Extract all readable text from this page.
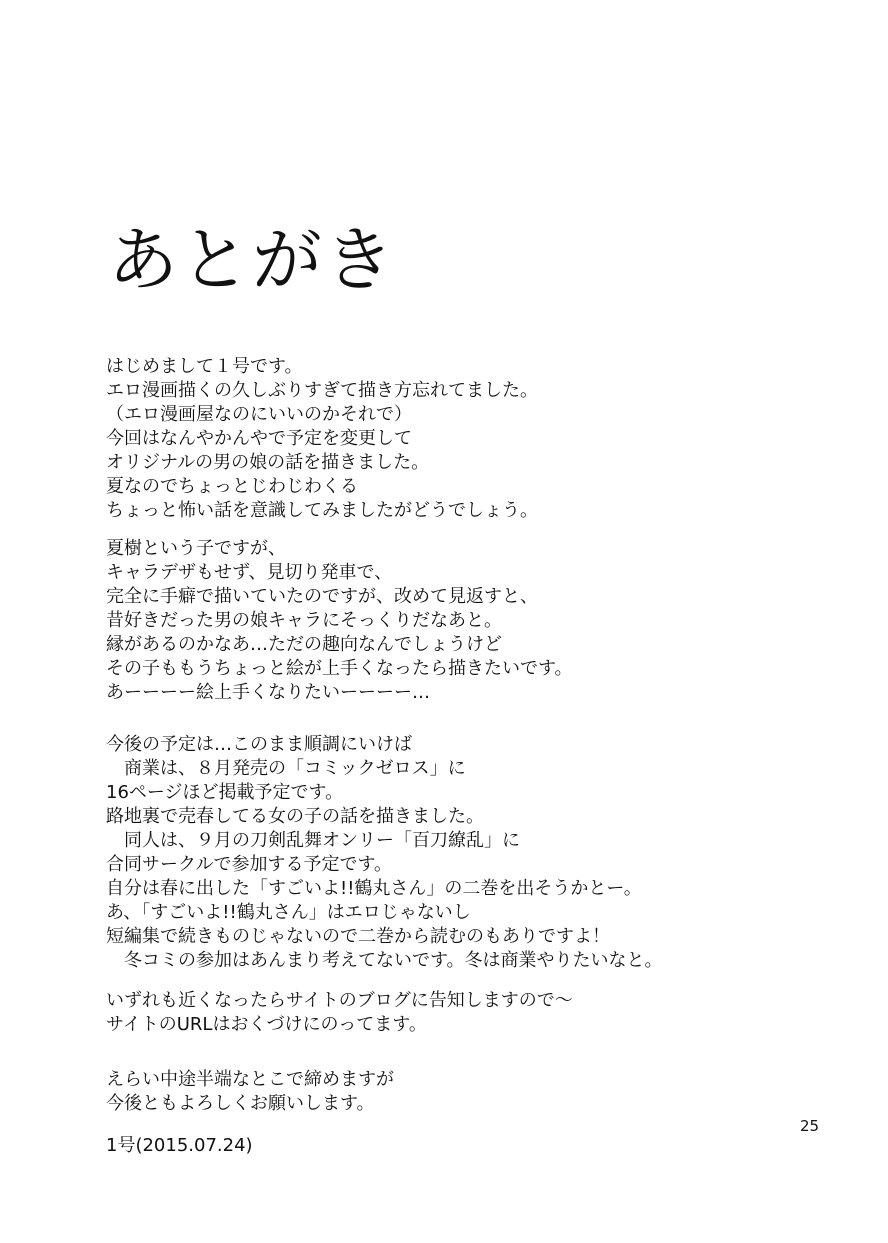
あとがき

はじめまして１号です。

エロ漫画描くの久しぶりすぎて描き方忘れてました。

（エロ漫画屋なのにいいのかそれで）

今回はなんやかんやで予定を変更して

オリジナルの男の娘の話を描きました。

夏なのでちょっとじわじわくる

ちょっと怖い話を意識してみましたがどうでしょう。

夏樹という子ですが、

キャラデザもせず、見切り発車で、

完全に手癖で描いていたのですが、改めて見返すと、

昔好きだった男の娘キャラにそっくりだなあと。

縁があるのかなあ…ただの趣向なんでしょうけど

その子ももうちょっと絵が上手くなったら描きたいです。

あーーーー絵上手くなりたいーーーー…

今後の予定は…このまま順調にいけば

　商業は、８月発売の「コミックゼロス」に

16ページほど掲載予定です。

路地裏で売春してる女の子の話を描きました。

　同人は、９月の刀剣乱舞オンリー「百刀繚乱」に

合同サークルで参加する予定です。

自分は春に出した「すごいよ!!鶴丸さん」の二巻を出そうかとー。

あ、「すごいよ!!鶴丸さん」はエロじゃないし

短編集で続きものじゃないので二巻から読むのもありですよ！

　冬コミの参加はあんまり考えてないです。冬は商業やりたいなと。

いずれも近くなったらサイトのブログに告知しますので～

サイトのURLはおくづけにのってます。

えらい中途半端なとこで締めますが

今後ともよろしくお願いします。

1号(2015.07.24)

25
